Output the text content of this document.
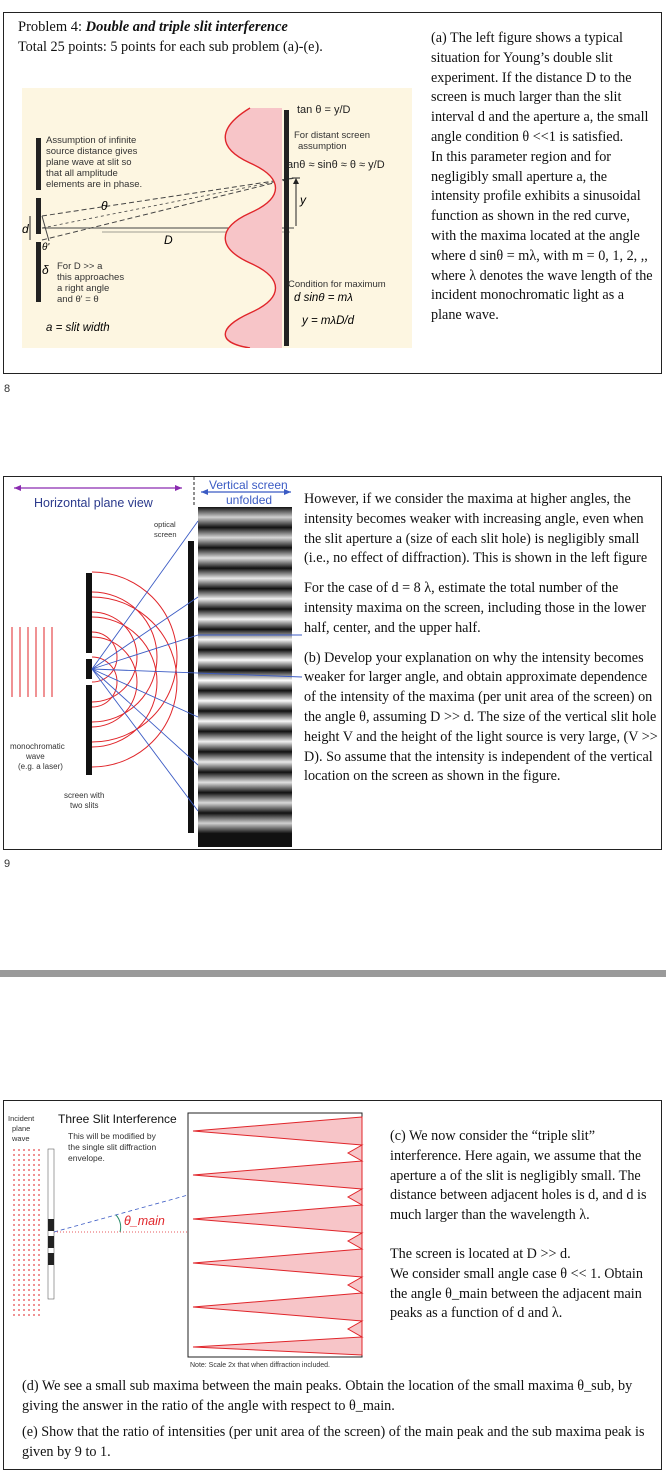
Problem 4: Double and triple slit interference
Total 25 points: 5 points for each sub problem (a)-(e).
Assumption of infinite
source distance gives
plane wave at slit so
that all amplitude
elements are in phase.
tan θ = y/D
For distant screen
assumption
tanθ ≈ sinθ ≈ θ ≈ y/D
θ
θ'
d
D
y
δ For D >> a
this approaches
a right angle
and θ' = θ
a = slit width
Condition for maximum
d sinθ = mλ
y = mλD/d

(a) The left figure shows a typical situation for Young’s double slit experiment. If the distance D to the screen is much larger than the slit interval d and the aperture a, the small angle condition θ <<1 is satisfied.

In this parameter region and for negligibly small aperture a, the intensity profile exhibits a sinusoidal function as shown in the red curve, with the maxima located at the angle where d sinθ = mλ, with m = 0, 1, 2, ,, where λ denotes the wave length of the incident monochromatic light as a plane wave.

8
Horizontal plane view
Vertical screen
unfolded
optical
screen
monochromatic
wave
(e.g. a laser)
screen with
two slits

However, if we consider the maxima at higher angles, the intensity becomes weaker with increasing angle, even when the slit aperture a (size of each slit hole) is negligibly small (i.e., no effect of diffraction). This is shown in the left figure

For the case of d = 8 λ, estimate the total number of the intensity maxima on the screen, including those in the lower half, center, and the upper half.

(b) Develop your explanation on why the intensity becomes weaker for larger angle, and obtain approximate dependence of the intensity of the maxima (per unit area of the screen) on the angle θ, assuming D >> d. The size of the vertical slit hole height V and the height of the light source is very large, (V >> D). So assume that the intensity is independent of the vertical location on the screen as shown in the figure.

9
Incident
plane
wave
Three Slit Interference
This will be modified by
the single slit diffraction
envelope.
θ_main
Note: Scale 2x that when diffraction included.

(c) We now consider the “triple slit” interference. Here again, we assume that the aperture a of the slit is negligibly small. The distance between adjacent holes is d, and d is much larger than the wavelength λ.

The screen is located at D >> d.

We consider small angle case θ << 1. Obtain the angle θ_main between the adjacent main peaks as a function of d and λ.

(d) We see a small sub maxima between the main peaks. Obtain the location of the small maxima θ_sub, by giving the answer in the ratio of the angle with respect to θ_main.
(e) Show that the ratio of intensities (per unit area of the screen) of the main peak and the sub maxima peak is given by 9 to 1.
